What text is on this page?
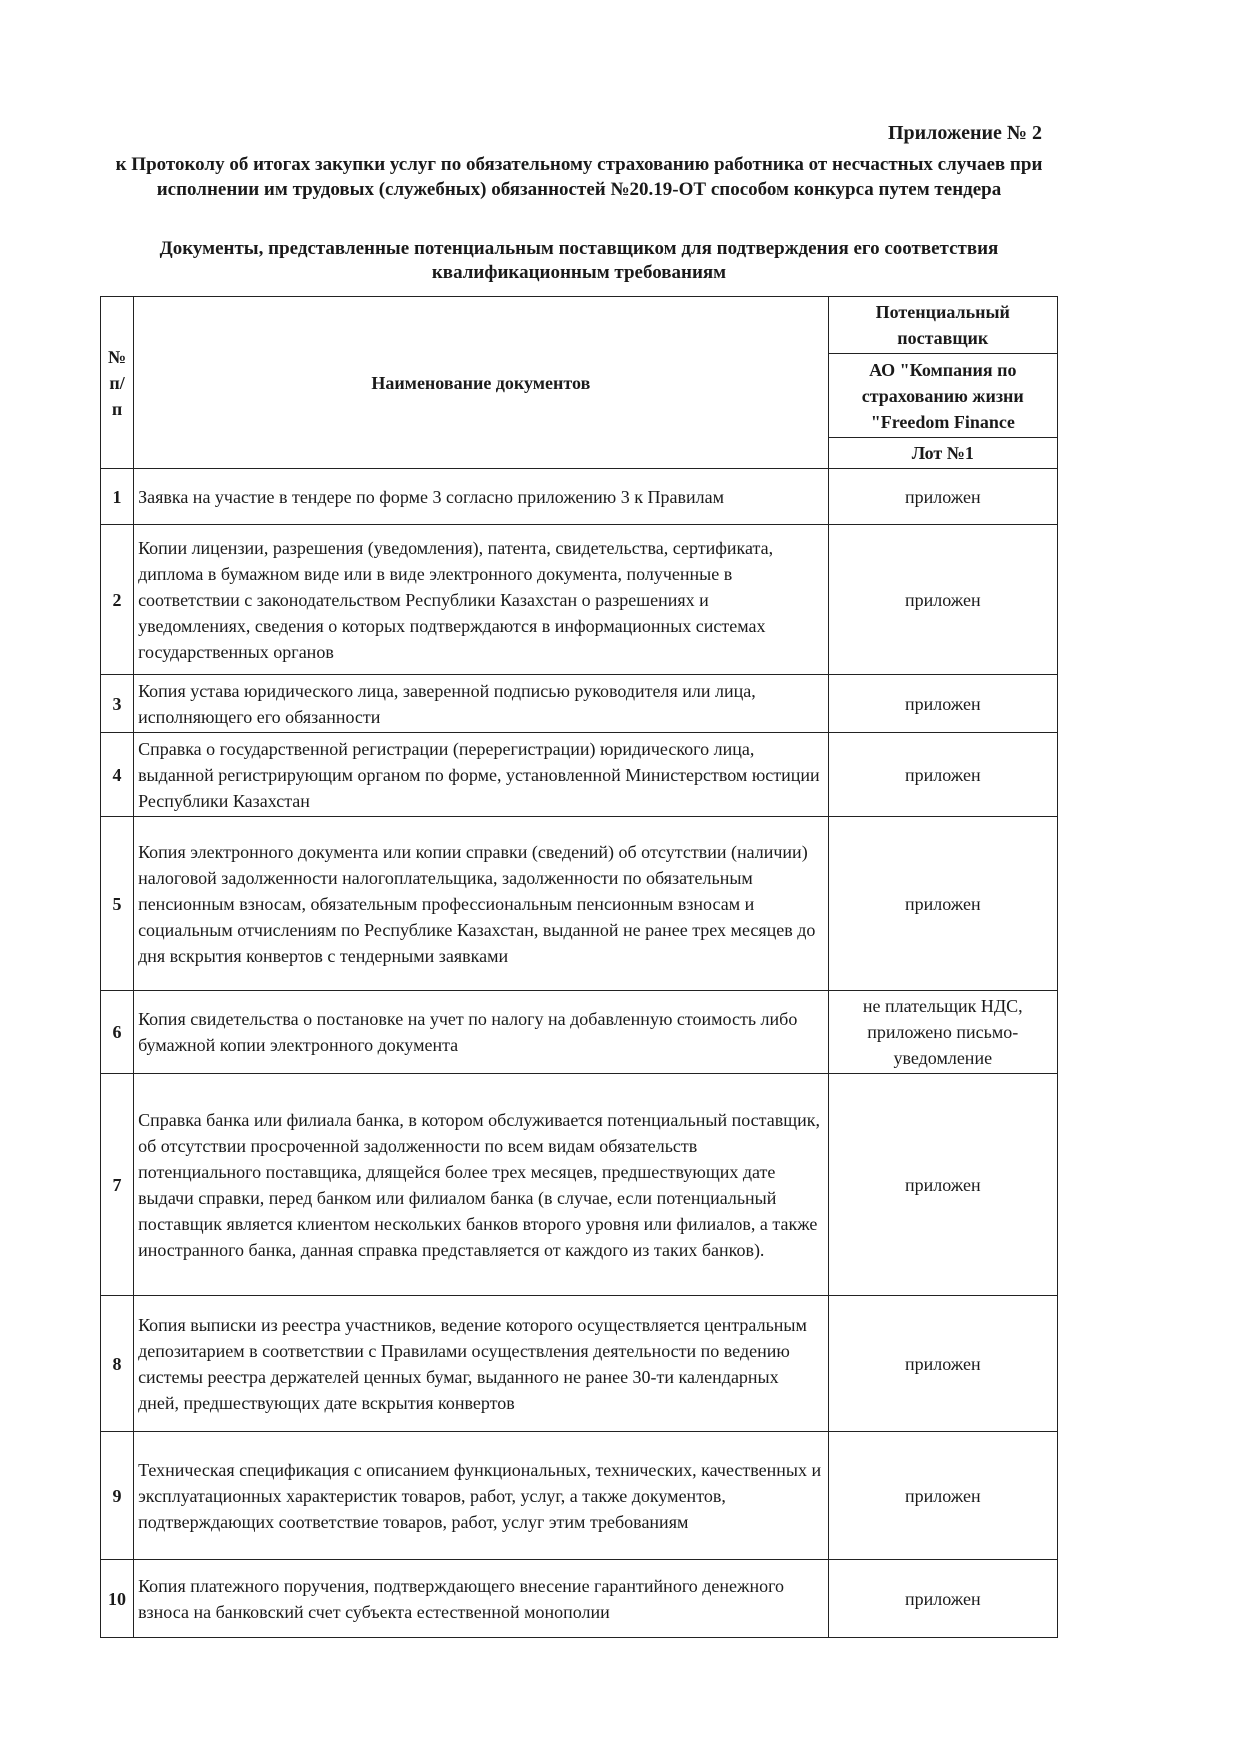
Приложение № 2
к Протоколу об итогах закупки услуг по обязательному страхованию работника от несчастных случаев при исполнении им трудовых (служебных) обязанностей №20.19-ОТ способом конкурса путем тендера
Документы, представленные потенциальным поставщиком для подтверждения его соответствия квалификационным требованиям
№ п/п	Наименование документов	Потенциальный поставщик
		АО "Компания по страхованию жизни "Freedom Finance
		Лот №1
1	Заявка на участие в тендере по форме 3 согласно приложению 3 к Правилам	приложен
2	Копии лицензии, разрешения (уведомления), патента, свидетельства, сертификата, диплома в бумажном виде или в виде электронного документа, полученные в соответствии с законодательством Республики Казахстан о разрешениях и уведомлениях, сведения о которых подтверждаются в информационных системах государственных органов	приложен
3	Копия устава юридического лица, заверенной подписью руководителя или лица, исполняющего его обязанности	приложен
4	Справка о государственной регистрации (перерегистрации) юридического лица, выданной регистрирующим органом по форме, установленной Министерством юстиции Республики Казахстан	приложен
5	Копия электронного документа или копии справки (сведений) об отсутствии (наличии) налоговой задолженности налогоплательщика, задолженности по обязательным пенсионным взносам, обязательным профессиональным пенсионным взносам и социальным отчислениям по Республике Казахстан, выданной не ранее трех месяцев до дня вскрытия конвертов с тендерными заявками	приложен
6	Копия свидетельства о постановке на учет по налогу на добавленную стоимость либо бумажной копии электронного документа	не плательщик НДС, приложено письмо-уведомление
7	Справка банка или филиала банка, в котором обслуживается потенциальный поставщик, об отсутствии просроченной задолженности по всем видам обязательств потенциального поставщика, длящейся более трех месяцев, предшествующих дате выдачи справки, перед банком или филиалом банка (в случае, если потенциальный поставщик является клиентом нескольких банков второго уровня или филиалов, а также иностранного банка, данная справка представляется от каждого из таких банков).	приложен
8	Копия выписки из реестра участников, ведение которого осуществляется центральным депозитарием в соответствии с Правилами осуществления деятельности по ведению системы реестра держателей ценных бумаг, выданного не ранее 30-ти календарных дней, предшествующих дате вскрытия конвертов	приложен
9	Техническая спецификация с описанием функциональных, технических, качественных и эксплуатационных характеристик товаров, работ, услуг, а также документов, подтверждающих соответствие товаров, работ, услуг этим требованиям	приложен
10	Копия платежного поручения, подтверждающего внесение гарантийного денежного взноса на банковский счет субъекта естественной монополии	приложен
